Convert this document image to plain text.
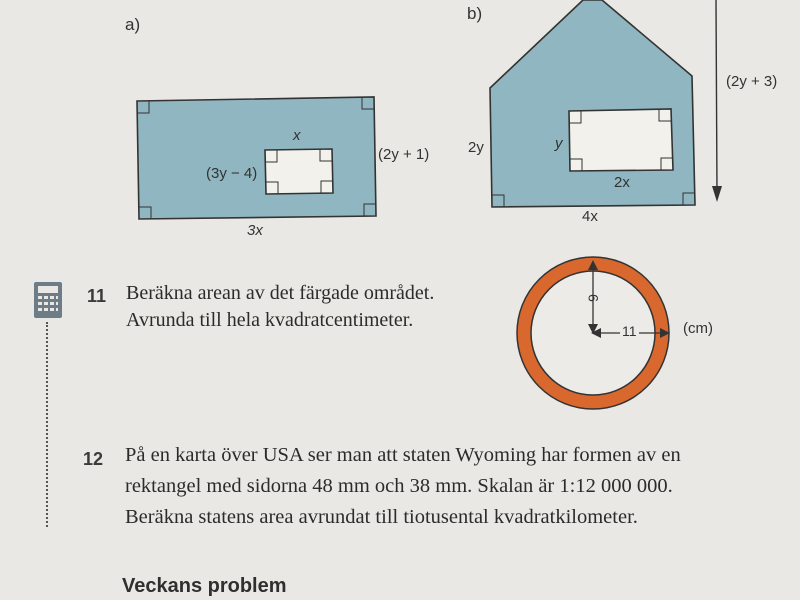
a)
x
(3y − 4)
(2y + 1)
3x
b)
2y	y
2x
4x
(2y + 3)
9
11	(cm)
11 Beräkna arean av det färgade området.
Avrunda till hela kvadratcentimeter.
12 På en karta över USA ser man att staten Wyoming har formen av en
rektangel med sidorna 48 mm och 38 mm. Skalan är 1:12 000 000.
Beräkna statens area avrundat till tiotusental kvadratkilometer.
Veckans problem
